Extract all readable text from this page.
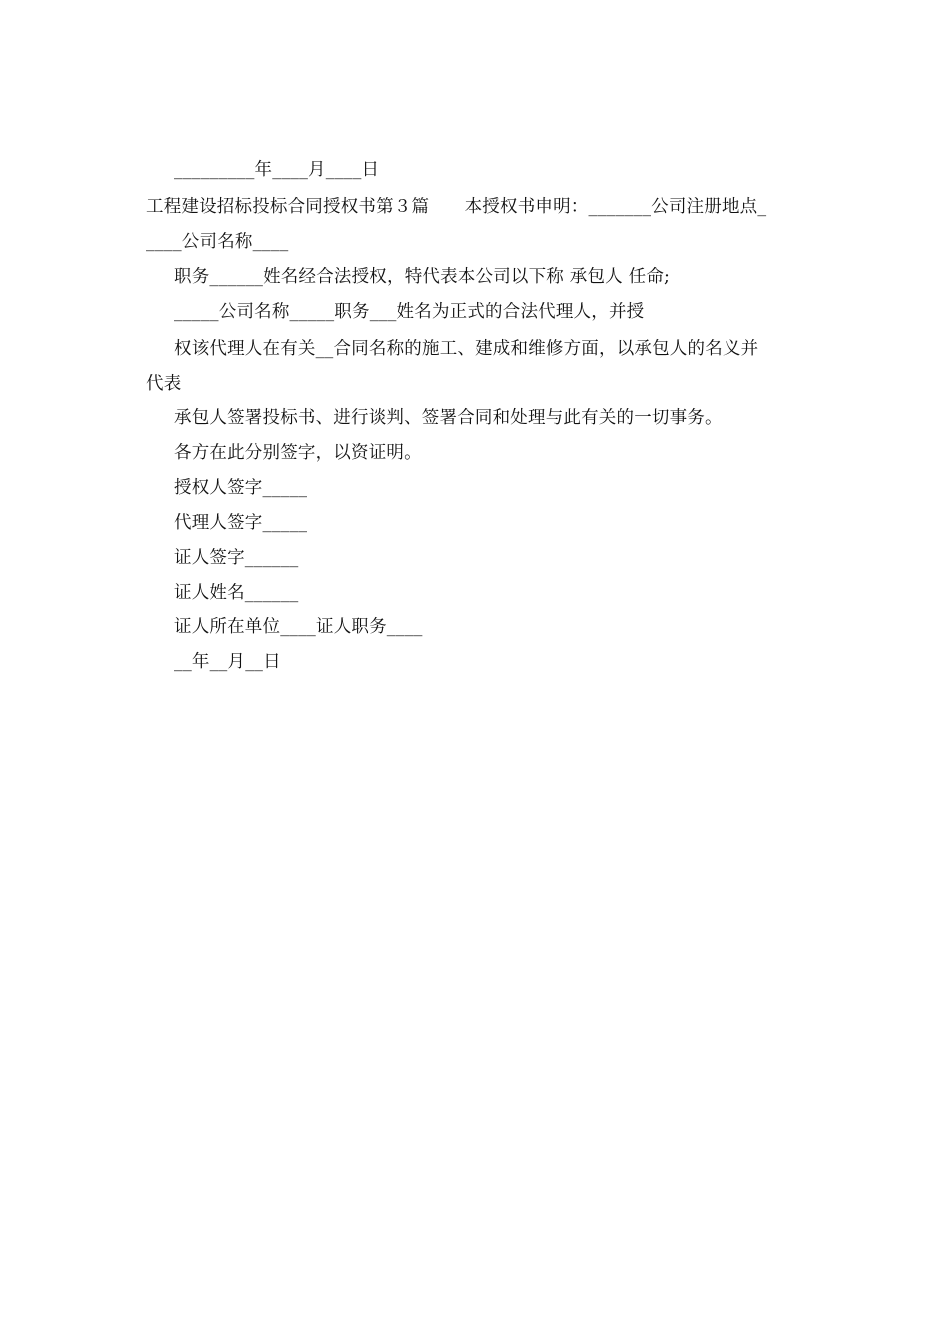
_________年____月____日
工程建设招标投标合同授权书第３篇　　本授权书申明：_______公司注册地点_
____公司名称____
职务______姓名经合法授权，特代表本公司以下称 承包人 任命;
_____公司名称_____职务___姓名为正式的合法代理人，并授
权该代理人在有关__合同名称的施工、建成和维修方面，以承包人的名义并
代表
承包人签署投标书、进行谈判、签署合同和处理与此有关的一切事务。
各方在此分别签字，以资证明。
授权人签字_____
代理人签字_____
证人签字______
证人姓名______
证人所在单位____证人职务____
__年__月__日
